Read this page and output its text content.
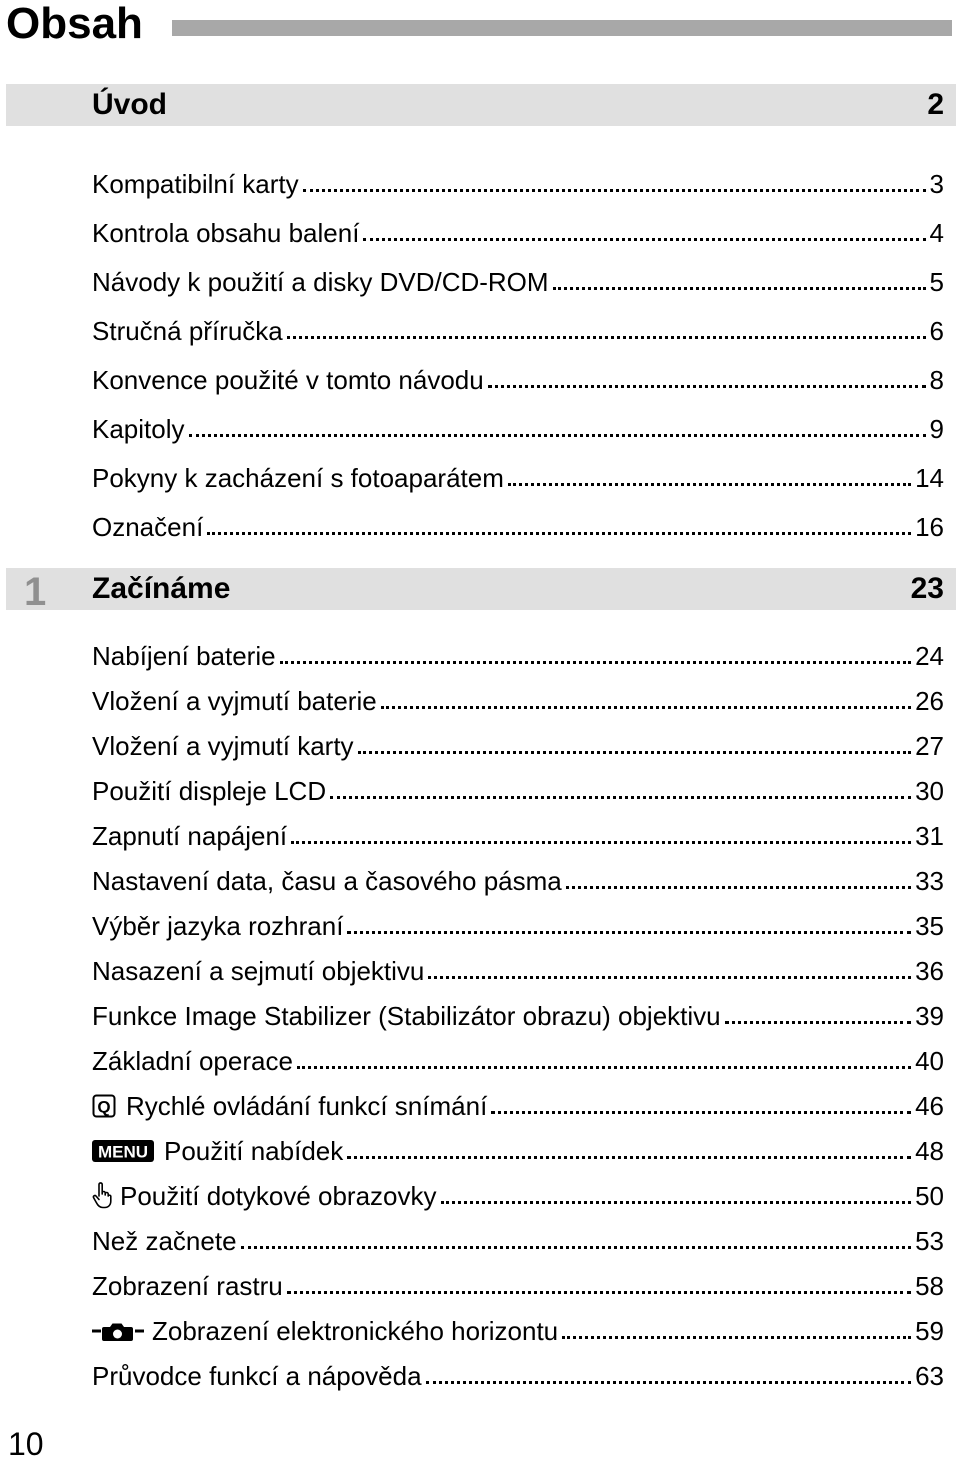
Obsah
Úvod	2
Kompatibilní karty	3
Kontrola obsahu balení	4
Návody k použití a disky DVD/CD-ROM	5
Stručná příručka	6
Konvence použité v tomto návodu	8
Kapitoly	9
Pokyny k zacházení s fotoaparátem	14
Označení	16
1 Začínáme	23
Nabíjení baterie	24
Vložení a vyjmutí baterie	26
Vložení a vyjmutí karty	27
Použití displeje LCD	30
Zapnutí napájení	31
Nastavení data, času a časového pásma	33
Výběr jazyka rozhraní	35
Nasazení a sejmutí objektivu	36
Funkce Image Stabilizer (Stabilizátor obrazu) objektivu	39
Základní operace	40
Q Rychlé ovládání funkcí snímání	46
MENU Použití nabídek	48
Použití dotykové obrazovky	50
Než začnete	53
Zobrazení rastru	58
Zobrazení elektronického horizontu	59
Průvodce funkcí a nápověda	63
10
